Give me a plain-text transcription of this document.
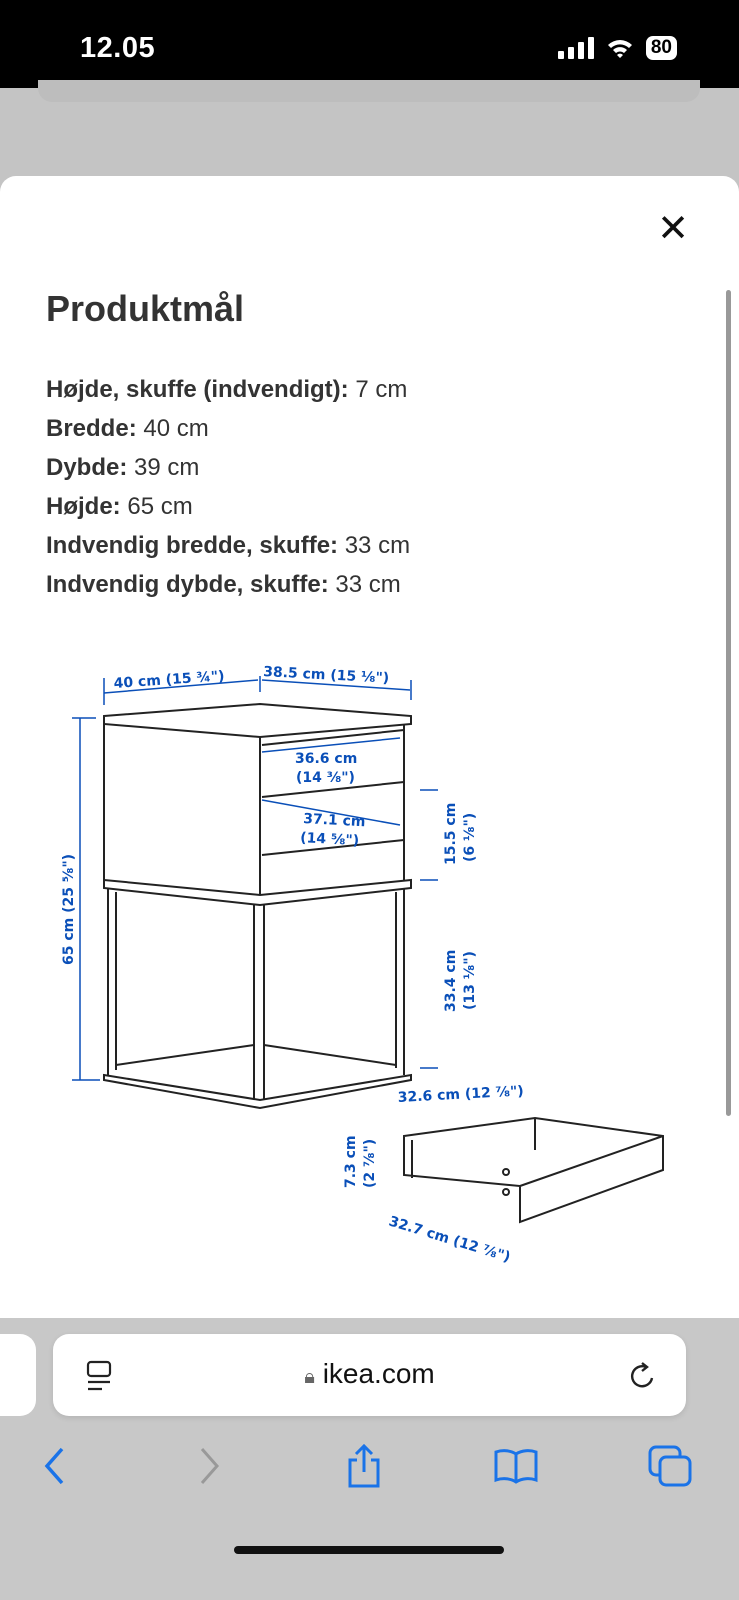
12.05	80
✕
Produktmål
Højde, skuffe (indvendigt): 7 cm
Bredde: 40 cm
Dybde: 39 cm
Højde: 65 cm
Indvendig bredde, skuffe: 33 cm
Indvendig dybde, skuffe: 33 cm
40 cm (15 ¾")	38.5 cm (15 ⅛")
36.6 cm
(14 ⅜")
37.1 cm
(14 ⅝")	15.5 cm (6 ⅛")
33.4 cm (13 ⅛")
65 cm (25 ⅝")
32.6 cm (12 ⅞")
7.3 cm (2 ⅞")
32.7 cm (12 ⅞")
🔒︎ ikea.com
